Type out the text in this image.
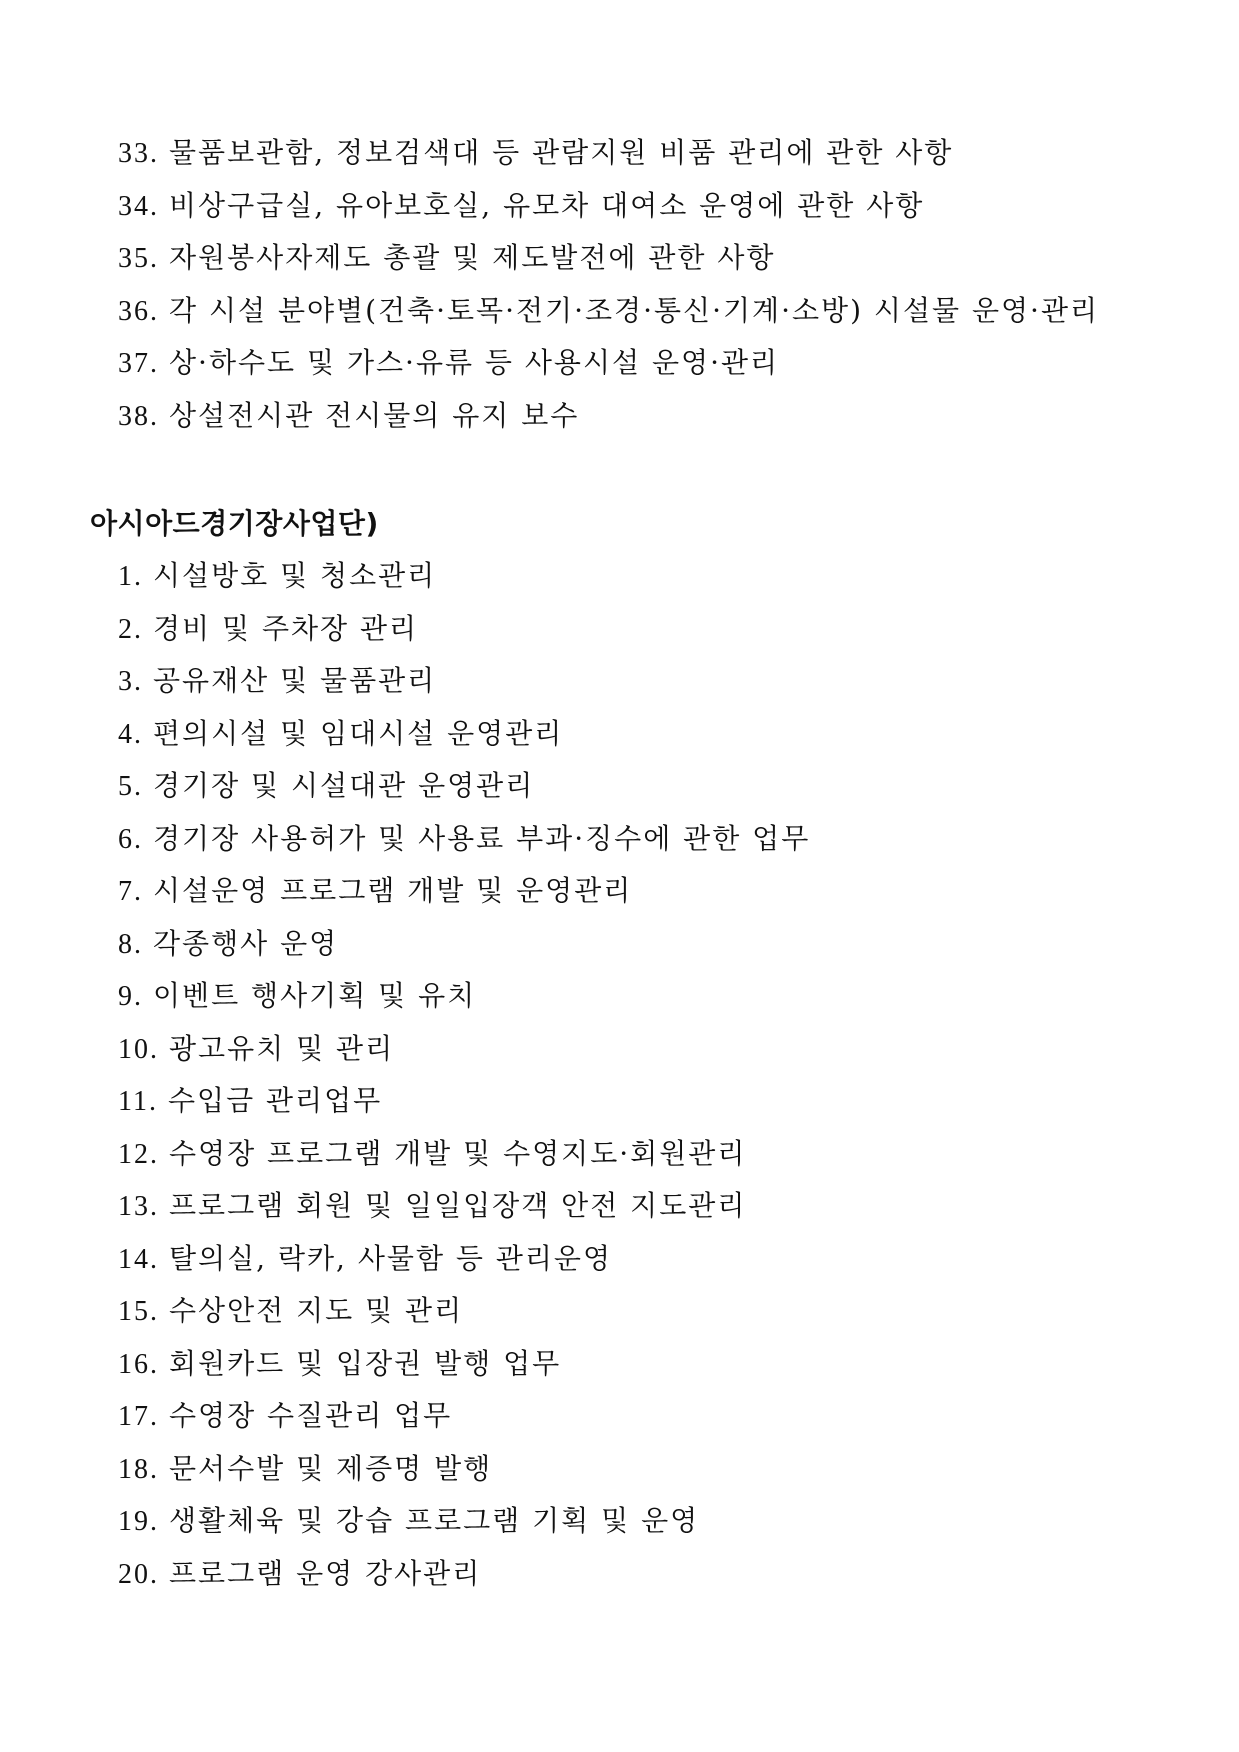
33. 물품보관함, 정보검색대 등 관람지원 비품 관리에 관한 사항
34. 비상구급실, 유아보호실, 유모차 대여소 운영에 관한 사항
35. 자원봉사자제도 총괄 및 제도발전에 관한 사항
36. 각 시설 분야별(건축·토목·전기·조경·통신·기계·소방) 시설물 운영·관리
37. 상·하수도 및 가스·유류 등 사용시설 운영·관리
38. 상설전시관 전시물의 유지 보수
아시아드경기장사업단)
1. 시설방호 및 청소관리
2. 경비 및 주차장 관리
3. 공유재산 및 물품관리
4. 편의시설 및 임대시설 운영관리
5. 경기장 및 시설대관 운영관리
6. 경기장 사용허가 및 사용료 부과·징수에 관한 업무
7. 시설운영 프로그램 개발 및 운영관리
8. 각종행사 운영
9. 이벤트 행사기획 및 유치
10. 광고유치 및 관리
11. 수입금 관리업무
12. 수영장 프로그램 개발 및 수영지도·회원관리
13. 프로그램 회원 및 일일입장객 안전 지도관리
14. 탈의실, 락카, 사물함 등 관리운영
15. 수상안전 지도 및 관리
16. 회원카드 및 입장권 발행 업무
17. 수영장 수질관리 업무
18. 문서수발 및 제증명 발행
19. 생활체육 및 강습 프로그램 기획 및 운영
20. 프로그램 운영 강사관리
